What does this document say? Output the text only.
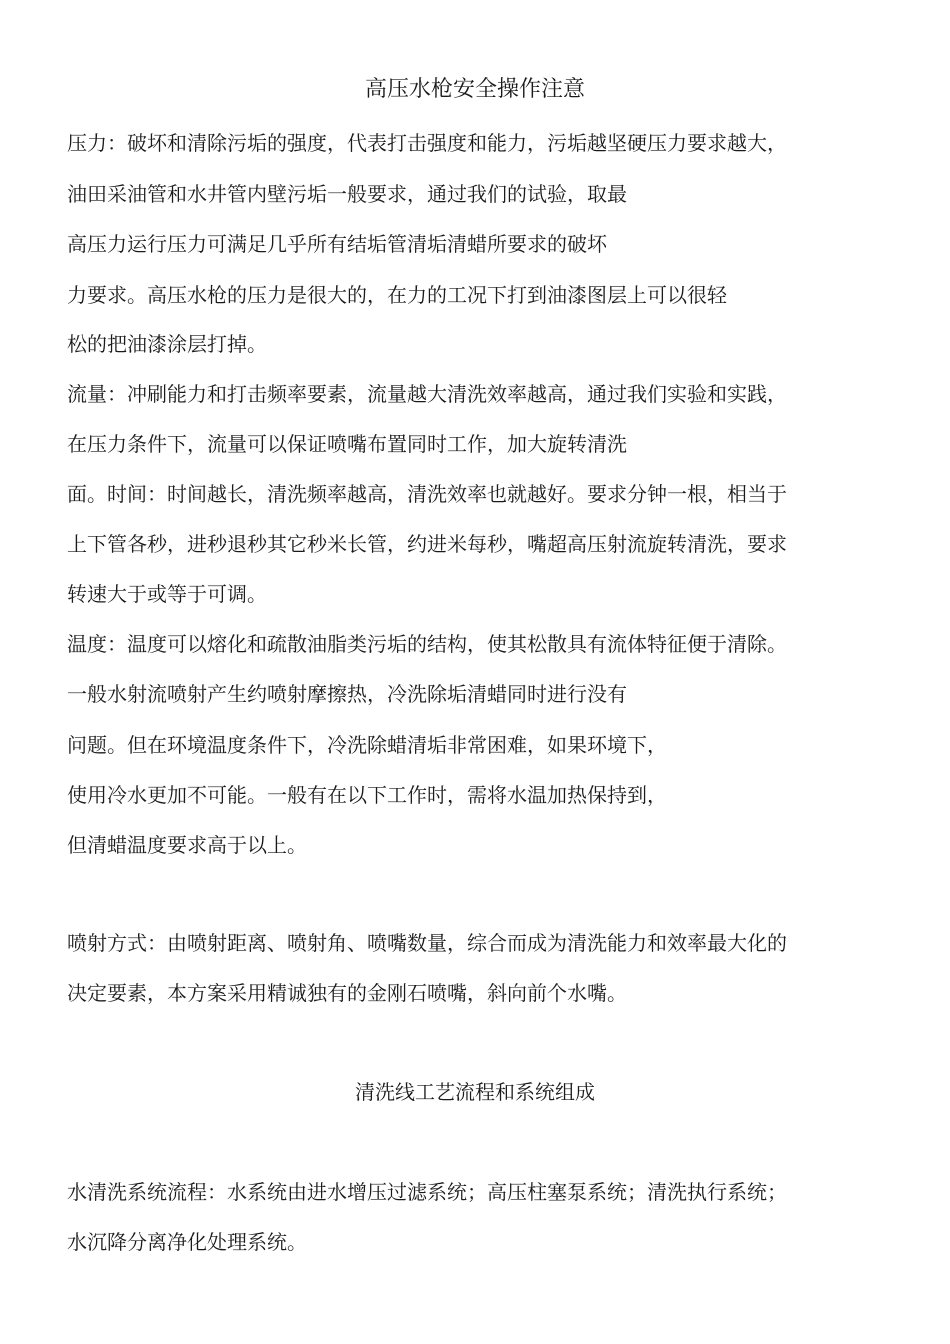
高压水枪安全操作注意
压力：破坏和清除污垢的强度，代表打击强度和能力，污垢越坚硬压力要求越大，
油田采油管和水井管内壁污垢一般要求，通过我们的试验，取最
高压力运行压力可满足几乎所有结垢管清垢清蜡所要求的破坏
力要求。高压水枪的压力是很大的，在力的工况下打到油漆图层上可以很轻
松的把油漆涂层打掉。
流量：冲刷能力和打击频率要素，流量越大清洗效率越高，通过我们实验和实践，
在压力条件下，流量可以保证喷嘴布置同时工作，加大旋转清洗
面。时间：时间越长，清洗频率越高，清洗效率也就越好。要求分钟一根，相当于
上下管各秒，进秒退秒其它秒米长管，约进米每秒，嘴超高压射流旋转清洗，要求
转速大于或等于可调。
温度：温度可以熔化和疏散油脂类污垢的结构，使其松散具有流体特征便于清除。
一般水射流喷射产生约喷射摩擦热，冷洗除垢清蜡同时进行没有
问题。但在环境温度条件下，冷洗除蜡清垢非常困难，如果环境下，
使用冷水更加不可能。一般有在以下工作时，需将水温加热保持到，
但清蜡温度要求高于以上。
喷射方式：由喷射距离、喷射角、喷嘴数量，综合而成为清洗能力和效率最大化的
决定要素，本方案采用精诚独有的金刚石喷嘴，斜向前个水嘴。
清洗线工艺流程和系统组成
水清洗系统流程：水系统由进水增压过滤系统；高压柱塞泵系统；清洗执行系统；
水沉降分离净化处理系统。
